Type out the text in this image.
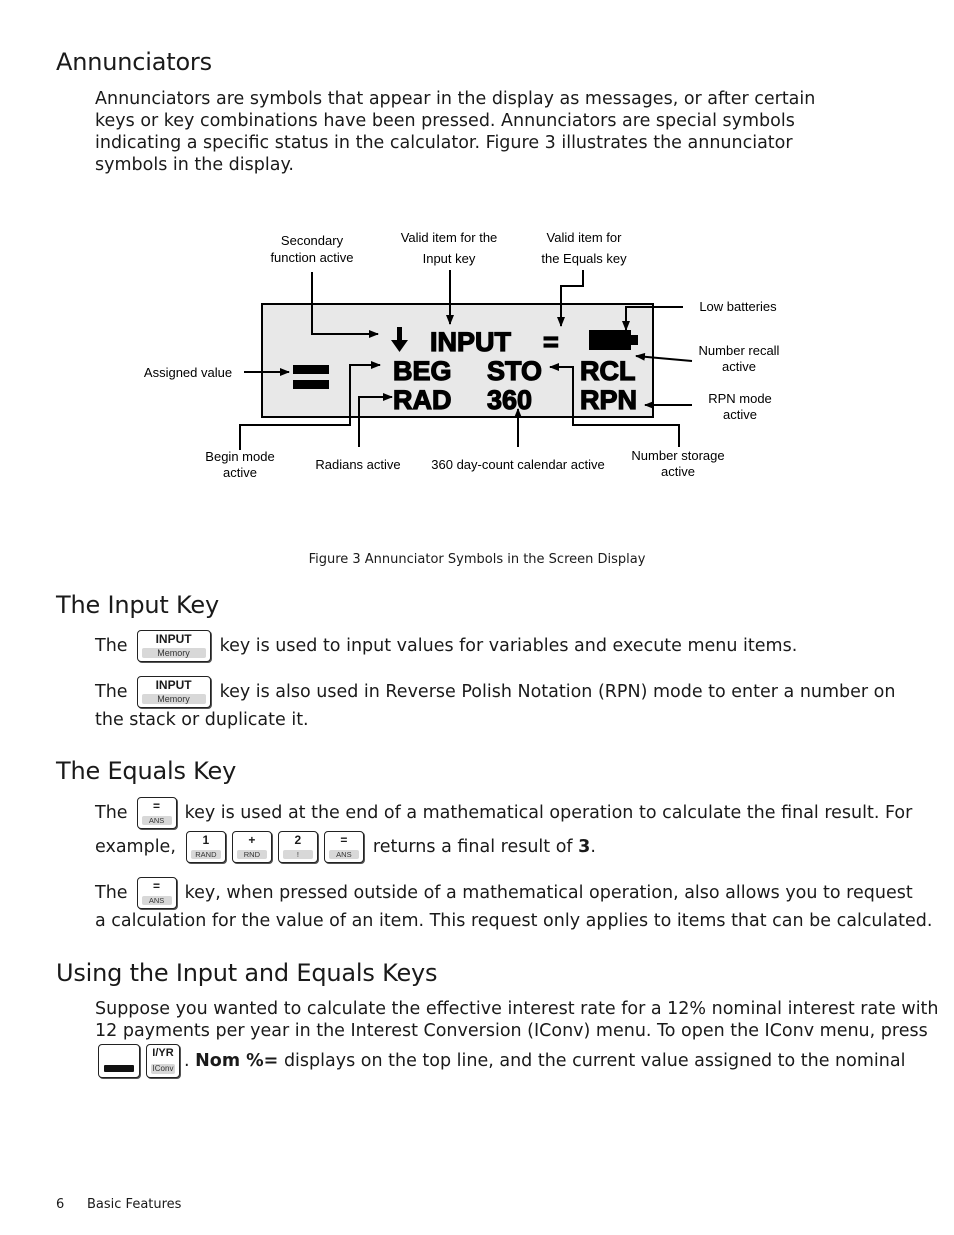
Annunciators

Annunciators are symbols that appear in the display as messages, or after certain keys or key combinations have been pressed. Annunciators are special symbols indicating a specific status in the calculator. Figure 3 illustrates the annunciator symbols in the display.

INPUT =
BEG STO RCL
RAD 360 RPN
Secondary
function active
Valid item for the
Input key
Valid item for
the Equals key
Low batteries
Number recall
active
RPN mode
active
Assigned value
Begin mode
active
Radians active 360 day-count calendar active
Number storage
active
Figure 3 Annunciator Symbols in the Screen Display
The Input Key
The	INPUT
Memory	key is used to input values for variables and execute menu items.
The	INPUT
Memory	key is also used in Reverse Polish Notation (RPN) mode to enter a number on
the stack or duplicate it.
The Equals Key
The	=
ANS	key is used at the end of a mathematical operation to calculate the final result. For
example,	1
RAND
+
RND
2
!
=
ANS	returns a final result of
3 .
The	=
ANS	key, when pressed outside of a mathematical operation, also allows you to request
a calculation for the value of an item. This request only applies to items that can be calculated.
Using the Input and Equals Keys
Suppose you wanted to calculate the effective interest rate for a 12% nominal interest rate with
12 payments per year in the Interest Conversion (IConv) menu. To open the IConv menu, press
I/YR
IConv .
Nom %=
displays on the top line, and the current value assigned to the nominal
6 Basic Features
